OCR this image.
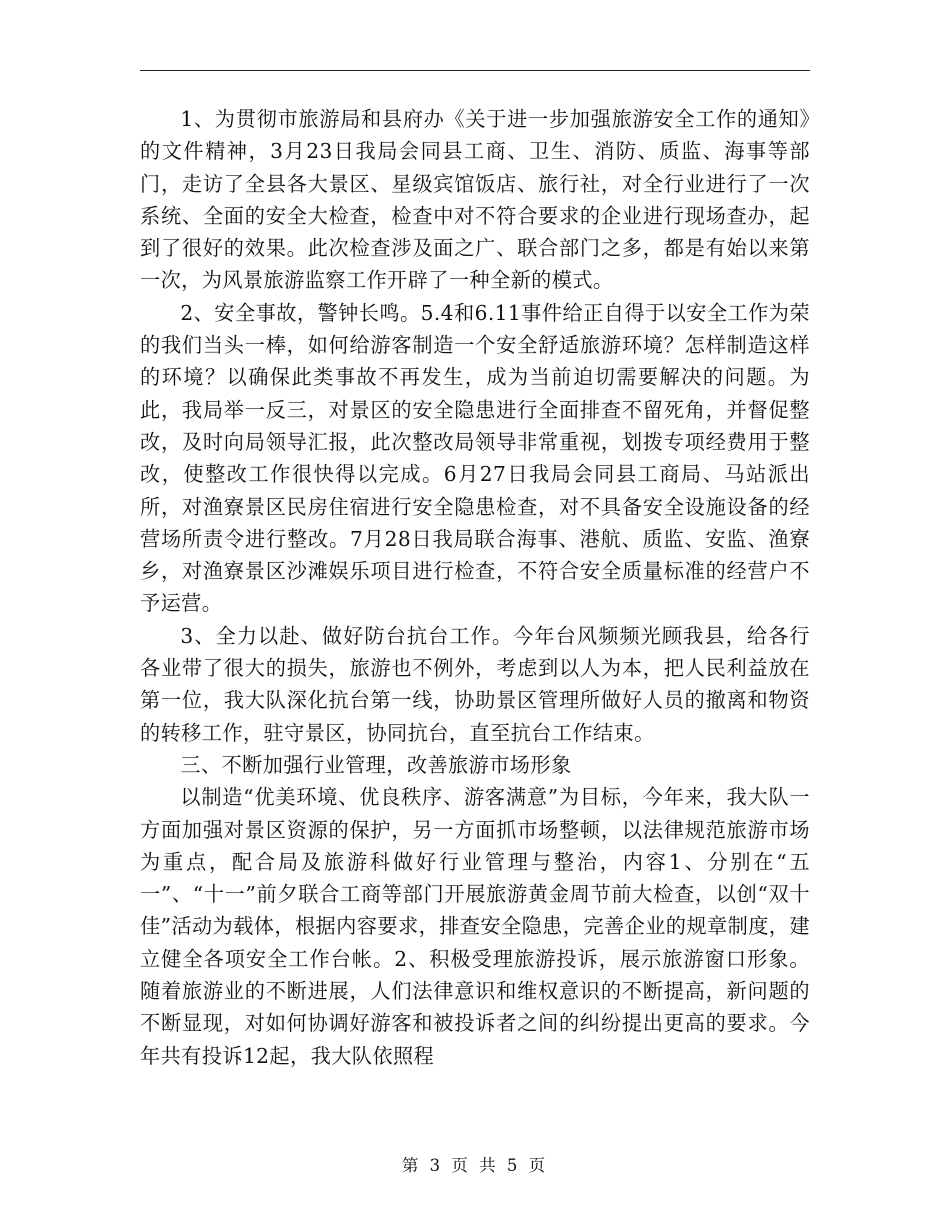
1、为贯彻市旅游局和县府办《关于进一步加强旅游安全工作的通知》的文件精神，3月23日我局会同县工商、卫生、消防、质监、海事等部门，走访了全县各大景区、星级宾馆饭店、旅行社，对全行业进行了一次系统、全面的安全大检查，检查中对不符合要求的企业进行现场查办，起到了很好的效果。此次检查涉及面之广、联合部门之多，都是有始以来第一次，为风景旅游监察工作开辟了一种全新的模式。

2、安全事故，警钟长鸣。5.4和6.11事件给正自得于以安全工作为荣的我们当头一棒，如何给游客制造一个安全舒适旅游环境？怎样制造这样的环境？以确保此类事故不再发生，成为当前迫切需要解决的问题。为此，我局举一反三，对景区的安全隐患进行全面排查不留死角，并督促整改，及时向局领导汇报，此次整改局领导非常重视，划拨专项经费用于整改，使整改工作很快得以完成。6月27日我局会同县工商局、马站派出所，对渔寮景区民房住宿进行安全隐患检查，对不具备安全设施设备的经营场所责令进行整改。7月28日我局联合海事、港航、质监、安监、渔寮乡，对渔寮景区沙滩娱乐项目进行检查，不符合安全质量标准的经营户不予运营。

3、全力以赴、做好防台抗台工作。今年台风频频光顾我县，给各行各业带了很大的损失，旅游也不例外，考虑到以人为本，把人民利益放在第一位，我大队深化抗台第一线，协助景区管理所做好人员的撤离和物资的转移工作，驻守景区，协同抗台，直至抗台工作结束。

三、不断加强行业管理，改善旅游市场形象

以制造“优美环境、优良秩序、游客满意”为目标，今年来，我大队一方面加强对景区资源的保护，另一方面抓市场整顿，以法律规范旅游市场为重点，配合局及旅游科做好行业管理与整治，内容1、分别在“五一”、“十一”前夕联合工商等部门开展旅游黄金周节前大检查，以创“双十佳”活动为载体，根据内容要求，排查安全隐患，完善企业的规章制度，建立健全各项安全工作台帐。2、积极受理旅游投诉，展示旅游窗口形象。随着旅游业的不断进展，人们法律意识和维权意识的不断提高，新问题的不断显现，对如何协调好游客和被投诉者之间的纠纷提出更高的要求。今年共有投诉12起，我大队依照程

第 3 页 共 5 页
